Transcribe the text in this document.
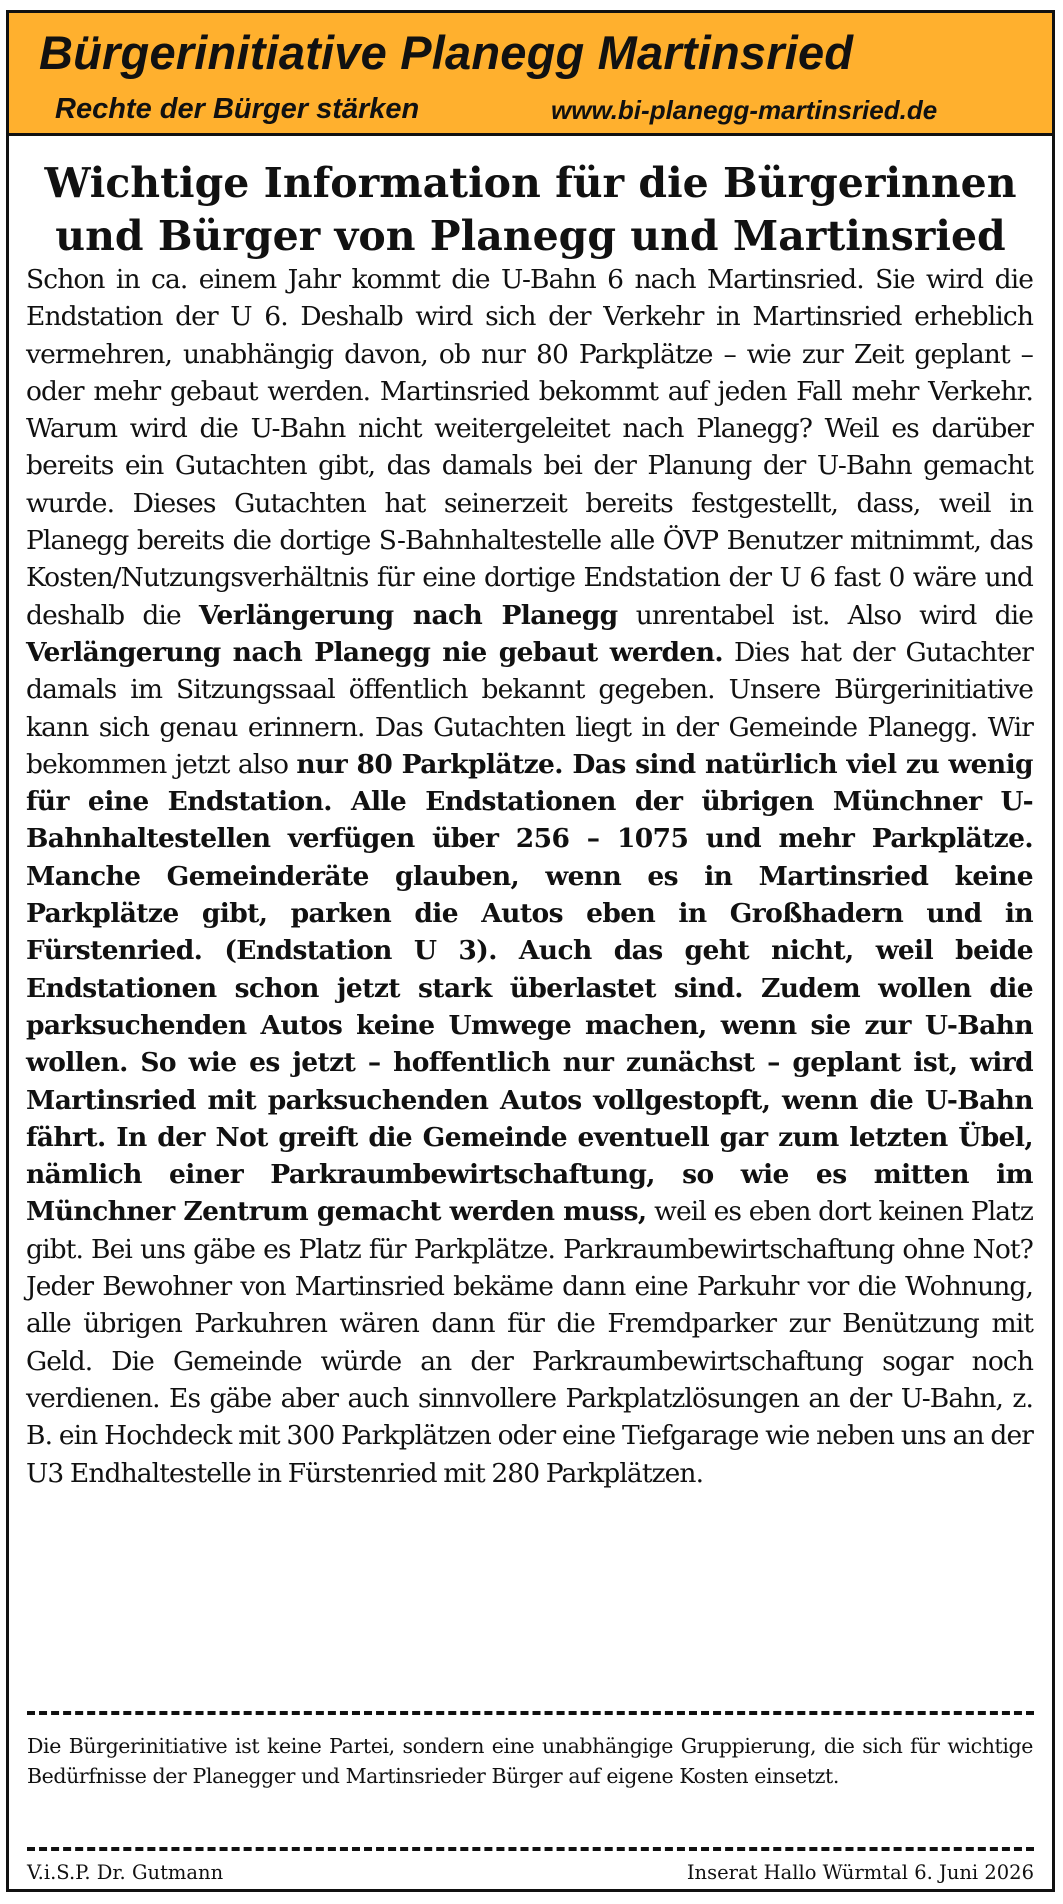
Bürgerinitiative Planegg Martinsried
Rechte der Bürger stärken	www.bi-planegg-martinsried.de
Wichtige Information für die Bürgerinnen und Bürger von Planegg und Martinsried

Schon in ca. einem Jahr kommt die U-Bahn 6 nach Martinsried. Sie wird die Endstation der U 6. Deshalb wird sich der Verkehr in Martinsried erheblich vermehren, unabhängig davon, ob nur 80 Parkplätze – wie zur Zeit geplant – oder mehr gebaut werden. Martinsried bekommt auf jeden Fall mehr Verkehr. Warum wird die U-Bahn nicht weitergeleitet nach Planegg? Weil es darüber bereits ein Gutachten gibt, das damals bei der Planung der U-Bahn gemacht wurde. Dieses Gutachten hat seinerzeit bereits festgestellt, dass, weil in Planegg bereits die dortige S-Bahnhaltestelle alle ÖVP Benutzer mitnimmt, das Kosten/Nutzungsverhältnis für eine dortige Endstation der U 6 fast 0 wäre und deshalb die Verlängerung nach Planegg unrentabel ist. Also wird die Verlängerung nach Planegg nie gebaut werden. Dies hat der Gutachter damals im Sitzungssaal öffentlich bekannt gegeben. Unsere Bürgerinitiative kann sich genau erinnern. Das Gutachten liegt in der Gemeinde Planegg. Wir bekommen jetzt also nur 80 Parkplätze. Das sind natürlich viel zu wenig für eine Endstation. Alle Endstationen der übrigen Münchner U-Bahnhaltestellen verfügen über 256 – 1075 und mehr Parkplätze. Manche Gemeinderäte glauben, wenn es in Martinsried keine Parkplätze gibt, parken die Autos eben in Großhadern und in Fürstenried. (Endstation U 3). Auch das geht nicht, weil beide Endstationen schon jetzt stark überlastet sind. Zudem wollen die parksuchenden Autos keine Umwege machen, wenn sie zur U-Bahn wollen. So wie es jetzt – hoffentlich nur zunächst – geplant ist, wird Martinsried mit parksuchenden Autos vollgestopft, wenn die U-Bahn fährt. In der Not greift die Gemeinde eventuell gar zum letzten Übel, nämlich einer Parkraumbewirtschaftung, so wie es mitten im Münchner Zentrum gemacht werden muss, weil es eben dort keinen Platz gibt. Bei uns gäbe es Platz für Parkplätze. Parkraumbewirtschaftung ohne Not? Jeder Bewohner von Martinsried bekäme dann eine Parkuhr vor die Wohnung, alle übrigen Parkuhren wären dann für die Fremdparker zur Benützung mit Geld. Die Gemeinde würde an der Parkraumbewirtschaftung sogar noch verdienen. Es gäbe aber auch sinnvollere Parkplatzlösungen an der U-Bahn, z. B. ein Hochdeck mit 300 Parkplätzen oder eine Tiefgarage wie neben uns an der U3 Endhaltestelle in Fürstenried mit 280 Parkplätzen.

Die Bürgerinitiative ist keine Partei, sondern eine unabhängige Gruppierung, die sich für wichtige Bedürfnisse der Planegger und Martinsrieder Bürger auf eigene Kosten einsetzt.

V.i.S.P. Dr. Gutmann	Inserat Hallo Würmtal 6. Juni 2026
